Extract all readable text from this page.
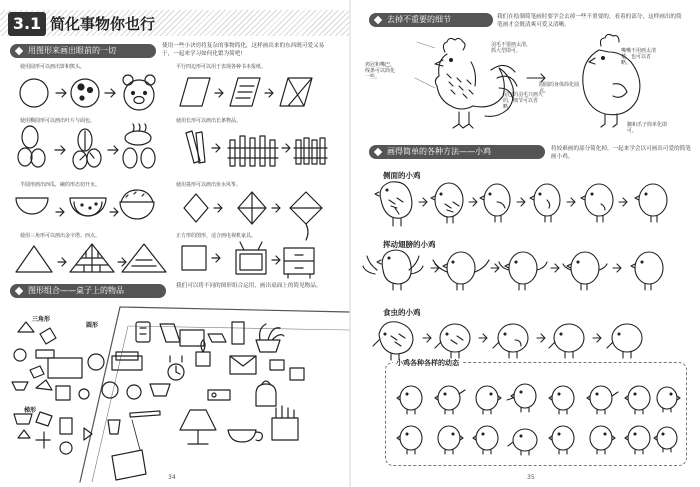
3.1 简化事物你也行
用图形来画出眼前的一切	使用一些小诀窍将复杂的事物简化，这样画出来的东西既可爱又易于，一起来学习如何化繁为简吧!
使用圆形可以画出饼和熊头。	平行四边形可以用于表现各种书本报纸。
使用椭圆形可以画出叶片与面包。	使用长形可以画出长条物品。
半圆形画出西瓜，碗的形态切开水。	使用菱形可以画出鱼水风筝。
使用三角形可以画出金字塔、西点。	正方形的图形，适合画电视机家具。
图形组合——桌子上的物品	我们可以将不同的图形组合运用，画出桌面上的简见物品。
三角形
圆形
梯形
34
去掉不重要的细节	我们在绘制简笔画时要学会去掉一些不重要的，看着的部分，这样画出的简笔画才会既清爽可爱又清晰。
羽毛不要画太清，抓大型即可。	嘴嘴不用画太清楚，也可以省略。
鸡冠和嘴巴，线条可以简化一些。
尾巴的羽毛只画大的，细节可以省略。
圆圆的身体简化圆点。
脚和爪子简单化即可。
画得简单的各种方法——小鸡	将较难画的部分简化掉，一起来学会以可画出可爱的简笔画小鸡。
侧面的小鸡
挥动翅膀的小鸡
食虫的小鸡
小鸡各种各样的动态
35
